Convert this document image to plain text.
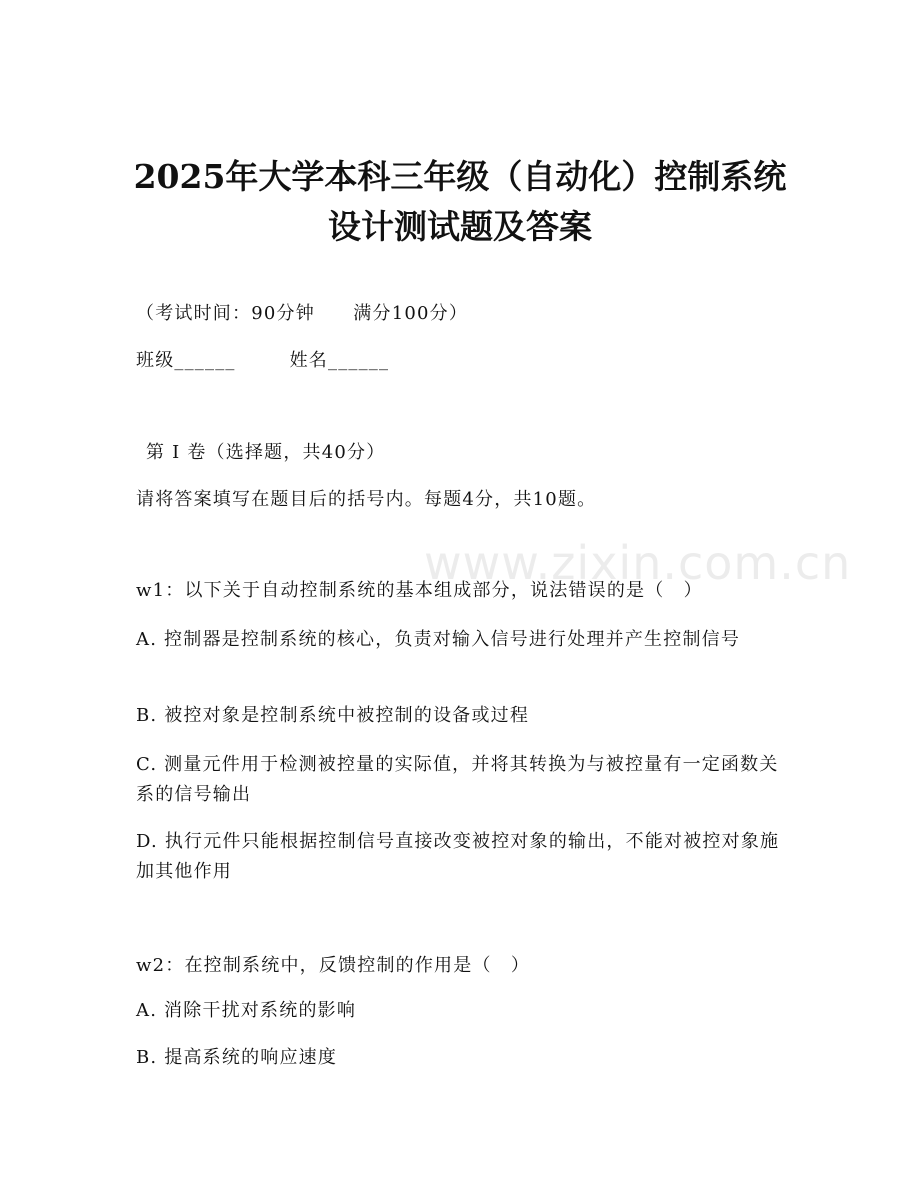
www.zixin.com.cn
2025年大学本科三年级（自动化）控制系统
设计测试题及答案
（考试时间：90分钟　　满分100分）
班级______	姓名______
第 I 卷（选择题，共40分）
请将答案填写在题目后的括号内。每题4分，共10题。
w1：以下关于自动控制系统的基本组成部分，说法错误的是（　）
A. 控制器是控制系统的核心，负责对输入信号进行处理并产生控制信号
B. 被控对象是控制系统中被控制的设备或过程
C. 测量元件用于检测被控量的实际值，并将其转换为与被控量有一定函数关系的信号输出
D. 执行元件只能根据控制信号直接改变被控对象的输出，不能对被控对象施加其他作用
w2：在控制系统中，反馈控制的作用是（　）
A. 消除干扰对系统的影响
B. 提高系统的响应速度
